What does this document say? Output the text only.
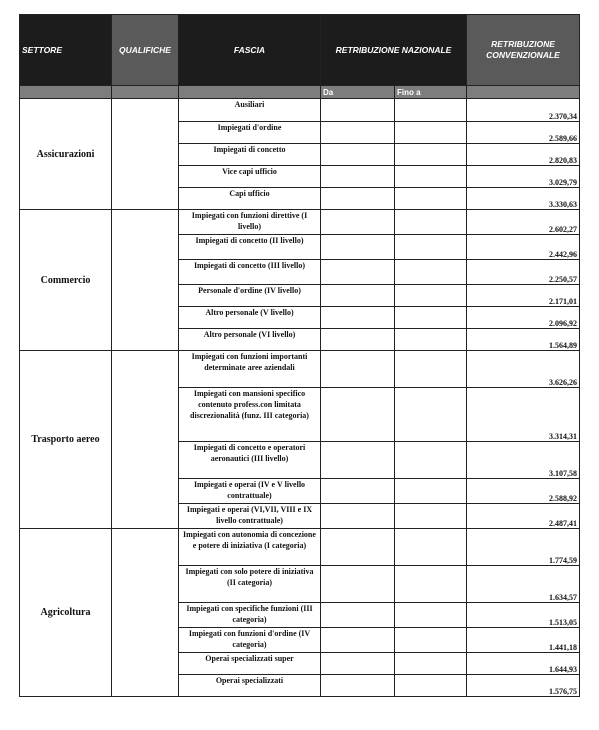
SETTORE	QUALIFICHE	FASCIA	RETRIBUZIONE NAZIONALE		RETRIBUZIONE CONVENZIONALE
			Da	Fino a	
Assicurazioni		Ausiliari			2.370,34
		Impiegati d'ordine			2.589,66
		Impiegati di concetto			2.820,83
		Vice capi ufficio			3.029,79
		Capi ufficio			3.330,63
Commercio		Impiegati con funzioni direttive (I livello)			2.602,27
		Impiegati di concetto (II livello)			2.442,96
		Impiegati di concetto (III livello)			2.250,57
		Personale d'ordine (IV livello)			2.171,01
		Altro personale (V livello)			2.096,92
		Altro personale (VI livello)			1.564,89
Trasporto aereo		Impiegati con funzioni importanti determinate aree aziendali			3.626,26
		Impiegati con mansioni specifico contenuto profess.con limitata discrezionalità (funz. III categoria)			3.314,31
		Impiegati di concetto e operatori aeronautici (III livello)			3.107,58
		Impiegati e operai (IV e V livello contrattuale)			2.588,92
		Impiegati e operai (VI,VII, VIII e IX livello contrattuale)			2.487,41
Agricoltura		Impiegati con autonomia di concezione e potere di iniziativa (I categoria)			1.774,59
		Impiegati con solo potere di iniziativa (II categoria)			1.634,57
		Impiegati con specifiche funzioni (III categoria)			1.513,05
		Impiegati con funzioni d'ordine (IV categoria)			1.441,18
		Operai specializzati super			1.644,93
		Operai specializzati			1.576,75
